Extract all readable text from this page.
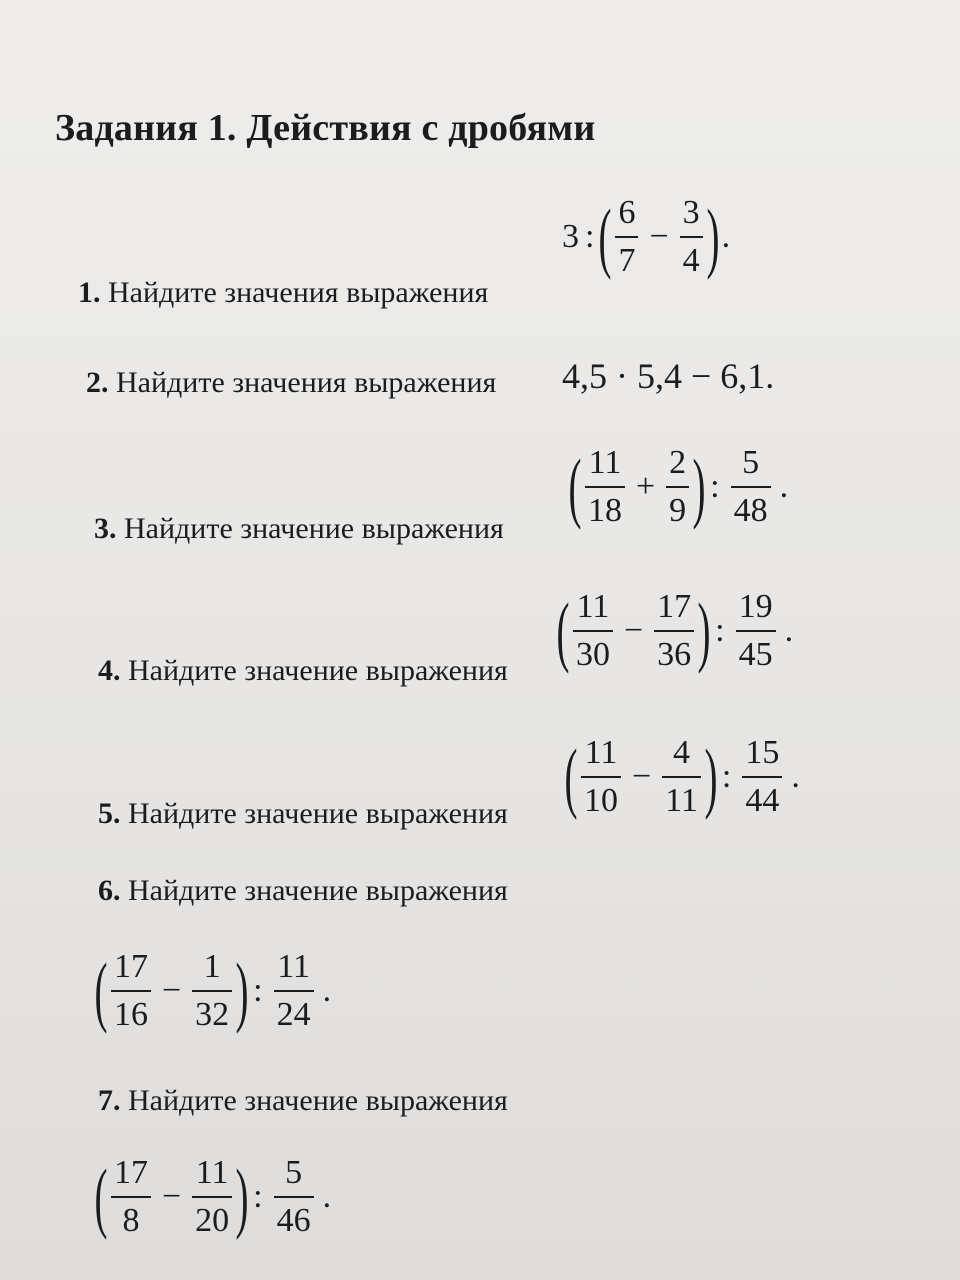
Задания 1. Действия с дробями
1. Найдите значения выражения
3 : ( $\frac{6}{7} - \frac{3}{4}$ ) .
2. Найдите значения выражения 4,5 · 5,4 − 6,1.
3. Найдите значение выражения ( $\frac{11}{18} + \frac{2}{9}$ ) : $\frac{5}{48}$ .
4. Найдите значение выражения ( $\frac{11}{30} - \frac{17}{36}$ ) : $\frac{19}{45}$ .
5. Найдите значение выражения ( $\frac{11}{10} - \frac{4}{11}$ ) : $\frac{15}{44}$ .
6. Найдите значение выражения
( $\frac{17}{16} - \frac{1}{32}$ ) : $\frac{11}{24}$ .
7. Найдите значение выражения
( $\frac{17}{8} - \frac{11}{20}$ ) : $\frac{5}{46}$ .
